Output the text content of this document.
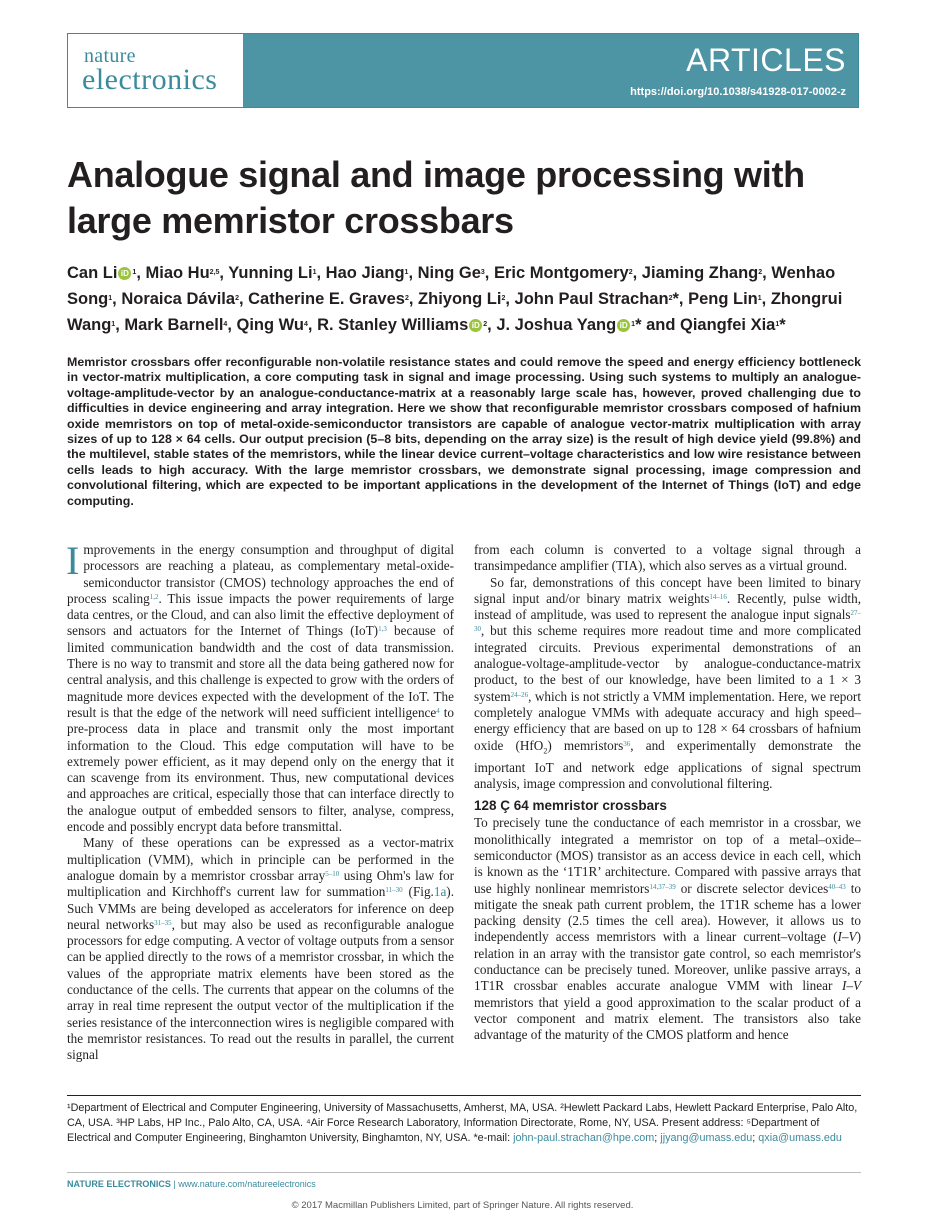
nature
electronics
ARTICLES
https://doi.org/10.1038/s41928-017-0002-z
Analogue signal and image processing with large memristor crossbars
Can Li iD $^1$, Miao Hu$^{2,5}$, Yunning Li$^1$, Hao Jiang$^1$, Ning Ge$^3$, Eric Montgomery$^2$, Jiaming Zhang$^2$, Wenhao Song$^1$, Noraica Dávila$^2$, Catherine E. Graves$^2$, Zhiyong Li$^2$, John Paul Strachan$^2$*, Peng Lin$^1$, Zhongrui Wang$^1$, Mark Barnell$^4$, Qing Wu$^4$, R. Stanley Williams iD $^2$, J. Joshua Yang iD $^1$* and Qiangfei Xia$^1$*

Memristor crossbars offer reconfigurable non-volatile resistance states and could remove the speed and energy efficiency bottleneck in vector-matrix multiplication, a core computing task in signal and image processing. Using such systems to multiply an analogue-voltage-amplitude-vector by an analogue-conductance-matrix at a reasonably large scale has, however, proved challenging due to difficulties in device engineering and array integration. Here we show that reconfigurable memristor crossbars composed of hafnium oxide memristors on top of metal-oxide-semiconductor transistors are capable of analogue vector-matrix multiplication with array sizes of up to 128 × 64 cells. Our output precision (5–8 bits, depending on the array size) is the result of high device yield (99.8%) and the multilevel, stable states of the memristors, while the linear device current–voltage characteristics and low wire resistance between cells leads to high accuracy. With the large memristor crossbars, we demonstrate signal processing, image compression and convolutional filtering, which are expected to be important applications in the development of the Internet of Things (IoT) and edge computing.

Improvements in the energy consumption and throughput of digital processors are reaching a plateau, as complementary metal-oxide-semiconductor transistor (CMOS) technology approaches the end of process scaling$^{1,2}$. This issue impacts the power requirements of large data centres, or the Cloud, and can also limit the effective deployment of sensors and actuators for the Internet of Things (IoT)$^{1,3}$ because of limited communication bandwidth and the cost of data transmission. There is no way to transmit and store all the data being gathered now for central analysis, and this challenge is expected to grow with the orders of magnitude more devices expected with the development of the IoT. The result is that the edge of the network will need sufficient intelligence$^4$ to pre-process data in place and transmit only the most important information to the Cloud. This edge computation will have to be extremely power efficient, as it may depend only on the energy that it can scavenge from its environment. Thus, new computational devices and approaches are critical, especially those that can interface directly to the analogue output of embedded sensors to filter, analyse, compress, encode and possibly encrypt data before transmittal.

Many of these operations can be expressed as a vector-matrix multiplication (VMM), which in principle can be performed in the analogue domain by a memristor crossbar array$^{5-10}$ using Ohm's law for multiplication and Kirchhoff's current law for summation$^{11-30}$ (Fig.1a). Such VMMs are being developed as accelerators for inference on deep neural networks$^{31-35}$, but may also be used as reconfigurable analogue processors for edge computing. A vector of voltage outputs from a sensor can be applied directly to the rows of a memristor crossbar, in which the values of the appropriate matrix elements have been stored as the conductance of the cells. The currents that appear on the columns of the array in real time represent the output vector of the multiplication if the series resistance of the interconnection wires is negligible compared with the memristor resistances. To read out the results in parallel, the current signal

from each column is converted to a voltage signal through a transimpedance amplifier (TIA), which also serves as a virtual ground.

So far, demonstrations of this concept have been limited to binary signal input and/or binary matrix weights$^{14-16}$. Recently, pulse width, instead of amplitude, was used to represent the analogue input signals$^{27-30}$, but this scheme requires more readout time and more complicated integrated circuits. Previous experimental demonstrations of an analogue-voltage-amplitude-vector by analogue-conductance-matrix product, to the best of our knowledge, have been limited to a 1 × 3 system$^{24-26}$, which is not strictly a VMM implementation. Here, we report completely analogue VMMs with adequate accuracy and high speed–energy efficiency that are based on up to 128 × 64 crossbars of hafnium oxide (HfO$_2$) memristors$^{36}$, and experimentally demonstrate the important IoT and network edge applications of signal spectrum analysis, image compression and convolutional filtering.

128 Ç 64 memristor crossbars

To precisely tune the conductance of each memristor in a crossbar, we monolithically integrated a memristor on top of a metal–oxide–semiconductor (MOS) transistor as an access device in each cell, which is known as the ‘1T1R’ architecture. Compared with passive arrays that use highly nonlinear memristors$^{14,37-39}$ or discrete selector devices$^{40-43}$ to mitigate the sneak path current problem, the 1T1R scheme has a lower packing density (2.5 times the cell area). However, it allows us to independently access memristors with a linear current–voltage (I–V) relation in an array with the transistor gate control, so each memristor's conductance can be precisely tuned. Moreover, unlike passive arrays, a 1T1R crossbar enables accurate analogue VMM with linear I–V memristors that yield a good approximation to the scalar product of a vector component and matrix element. The transistors also take advantage of the maturity of the CMOS platform and hence

¹Department of Electrical and Computer Engineering, University of Massachusetts, Amherst, MA, USA. ²Hewlett Packard Labs, Hewlett Packard Enterprise, Palo Alto, CA, USA. ³HP Labs, HP Inc., Palo Alto, CA, USA. ⁴Air Force Research Laboratory, Information Directorate, Rome, NY, USA. Present address: ⁵Department of Electrical and Computer Engineering, Binghamton University, Binghamton, NY, USA. *e-mail: john-paul.strachan@hpe.com; jjyang@umass.edu; qxia@umass.edu

NATURE ELECTRONICS | www.nature.com/natureelectronics
© 2017 Macmillan Publishers Limited, part of Springer Nature. All rights reserved.
